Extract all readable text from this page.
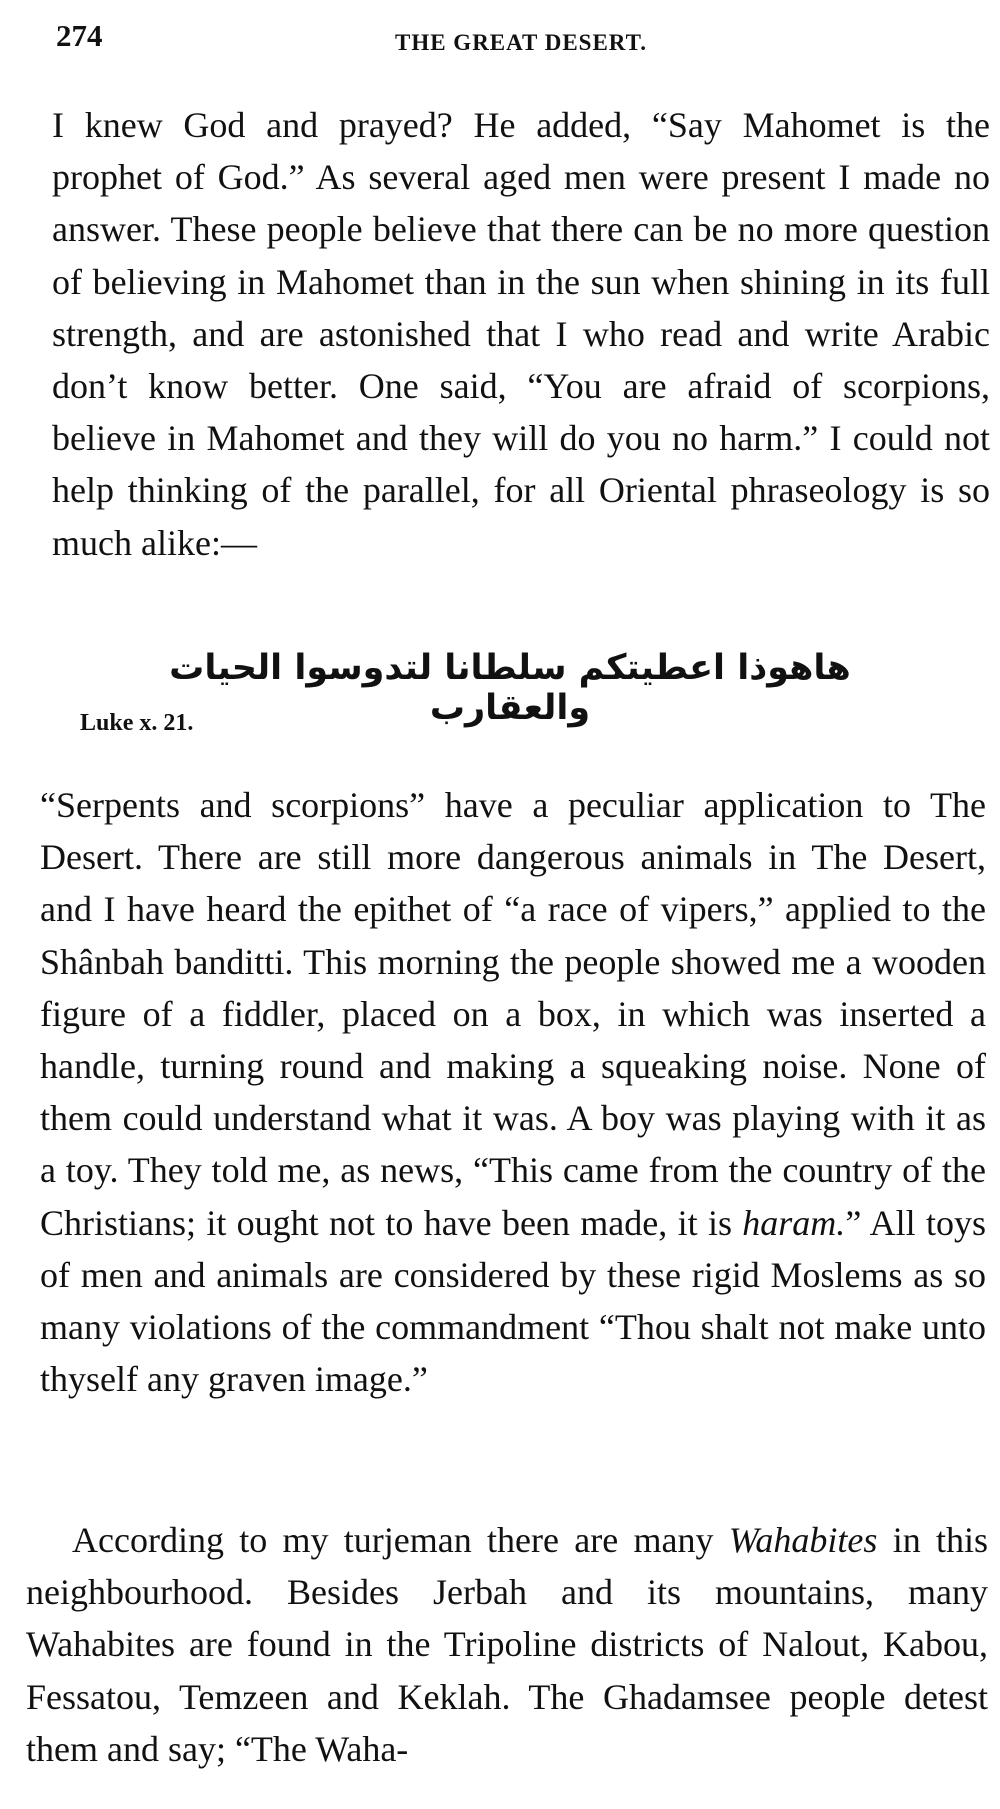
274	THE GREAT DESERT.

I knew God and prayed? He added, “Say Mahomet is the prophet of God.” As several aged men were present I made no answer. These people believe that there can be no more question of believing in Mahomet than in the sun when shining in its full strength, and are astonished that I who read and write Arabic don’t know better. One said, “You are afraid of scorpions, believe in Mahomet and they will do you no harm.” I could not help thinking of the parallel, for all Oriental phraseology is so much alike:—

هاهوذا اعطيتكم سلطانا لتدوسوا الحيات والعقارب
Luke x. 21.

“Serpents and scorpions” have a peculiar application to The Desert. There are still more dangerous animals in The Desert, and I have heard the epithet of “a race of vipers,” applied to the Shânbah banditti. This morning the people showed me a wooden figure of a fiddler, placed on a box, in which was inserted a handle, turning round and making a squeaking noise. None of them could understand what it was. A boy was playing with it as a toy. They told me, as news, “This came from the country of the Christians; it ought not to have been made, it is haram.” All toys of men and animals are considered by these rigid Moslems as so many violations of the commandment “Thou shalt not make unto thyself any graven image.”

According to my turjeman there are many Wahabites in this neighbourhood. Besides Jerbah and its mountains, many Wahabites are found in the Tripoline districts of Nalout, Kabou, Fessatou, Temzeen and Keklah. The Ghadamsee people detest them and say; “The Waha-
